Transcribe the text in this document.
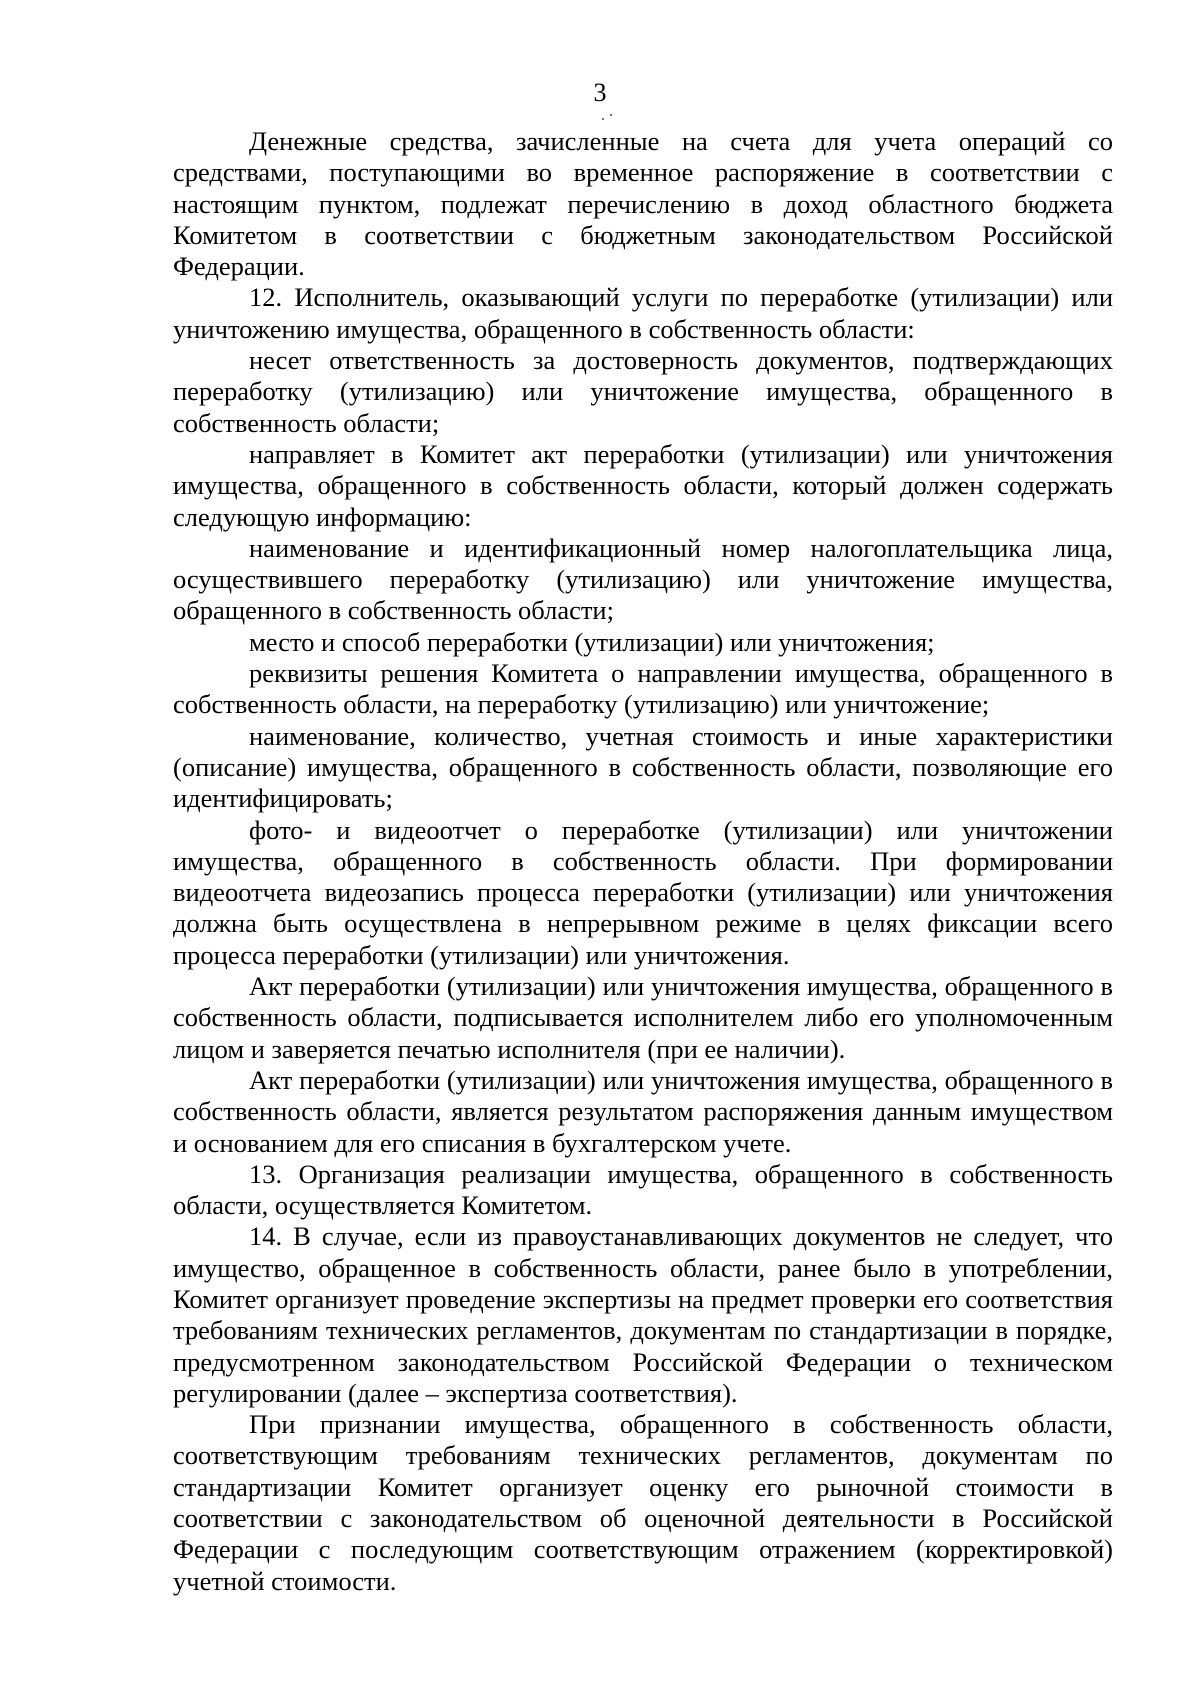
3

Денежные средства, зачисленные на счета для учета операций со средствами, поступающими во временное распоряжение в соответствии с настоящим пунктом, подлежат перечислению в доход областного бюджета Комитетом в соответствии с бюджетным законодательством Российской Федерации.

12. Исполнитель, оказывающий услуги по переработке (утилизации) или уничтожению имущества, обращенного в собственность области:

несет ответственность за достоверность документов, подтверждающих переработку (утилизацию) или уничтожение имущества, обращенного в собственность области;

направляет в Комитет акт переработки (утилизации) или уничтожения имущества, обращенного в собственность области, который должен содержать следующую информацию:

наименование и идентификационный номер налогоплательщика лица, осуществившего переработку (утилизацию) или уничтожение имущества, обращенного в собственность области;

место и способ переработки (утилизации) или уничтожения;

реквизиты решения Комитета о направлении имущества, обращенного в собственность области, на переработку (утилизацию) или уничтожение;

наименование, количество, учетная стоимость и иные характеристики (описание) имущества, обращенного в собственность области, позволяющие его идентифицировать;

фото- и видеоотчет о переработке (утилизации) или уничтожении имущества, обращенного в собственность области. При формировании видеоотчета видеозапись процесса переработки (утилизации) или уничтожения должна быть осуществлена в непрерывном режиме в целях фиксации всего процесса переработки (утилизации) или уничтожения.

Акт переработки (утилизации) или уничтожения имущества, обращенного в собственность области, подписывается исполнителем либо его уполномоченным лицом и заверяется печатью исполнителя (при ее наличии).

Акт переработки (утилизации) или уничтожения имущества, обращенного в собственность области, является результатом распоряжения данным имуществом и основанием для его списания в бухгалтерском учете.

13. Организация реализации имущества, обращенного в собственность области, осуществляется Комитетом.

14. В случае, если из правоустанавливающих документов не следует, что имущество, обращенное в собственность области, ранее было в употреблении, Комитет организует проведение экспертизы на предмет проверки его соответствия требованиям технических регламентов, документам по стандартизации в порядке, предусмотренном законодательством Российской Федерации о техническом регулировании (далее – экспертиза соответствия).

При признании имущества, обращенного в собственность области, соответствующим требованиям технических регламентов, документам по стандартизации Комитет организует оценку его рыночной стоимости в соответствии с законодательством об оценочной деятельности в Российской Федерации с последующим соответствующим отражением (корректировкой) учетной стоимости.
